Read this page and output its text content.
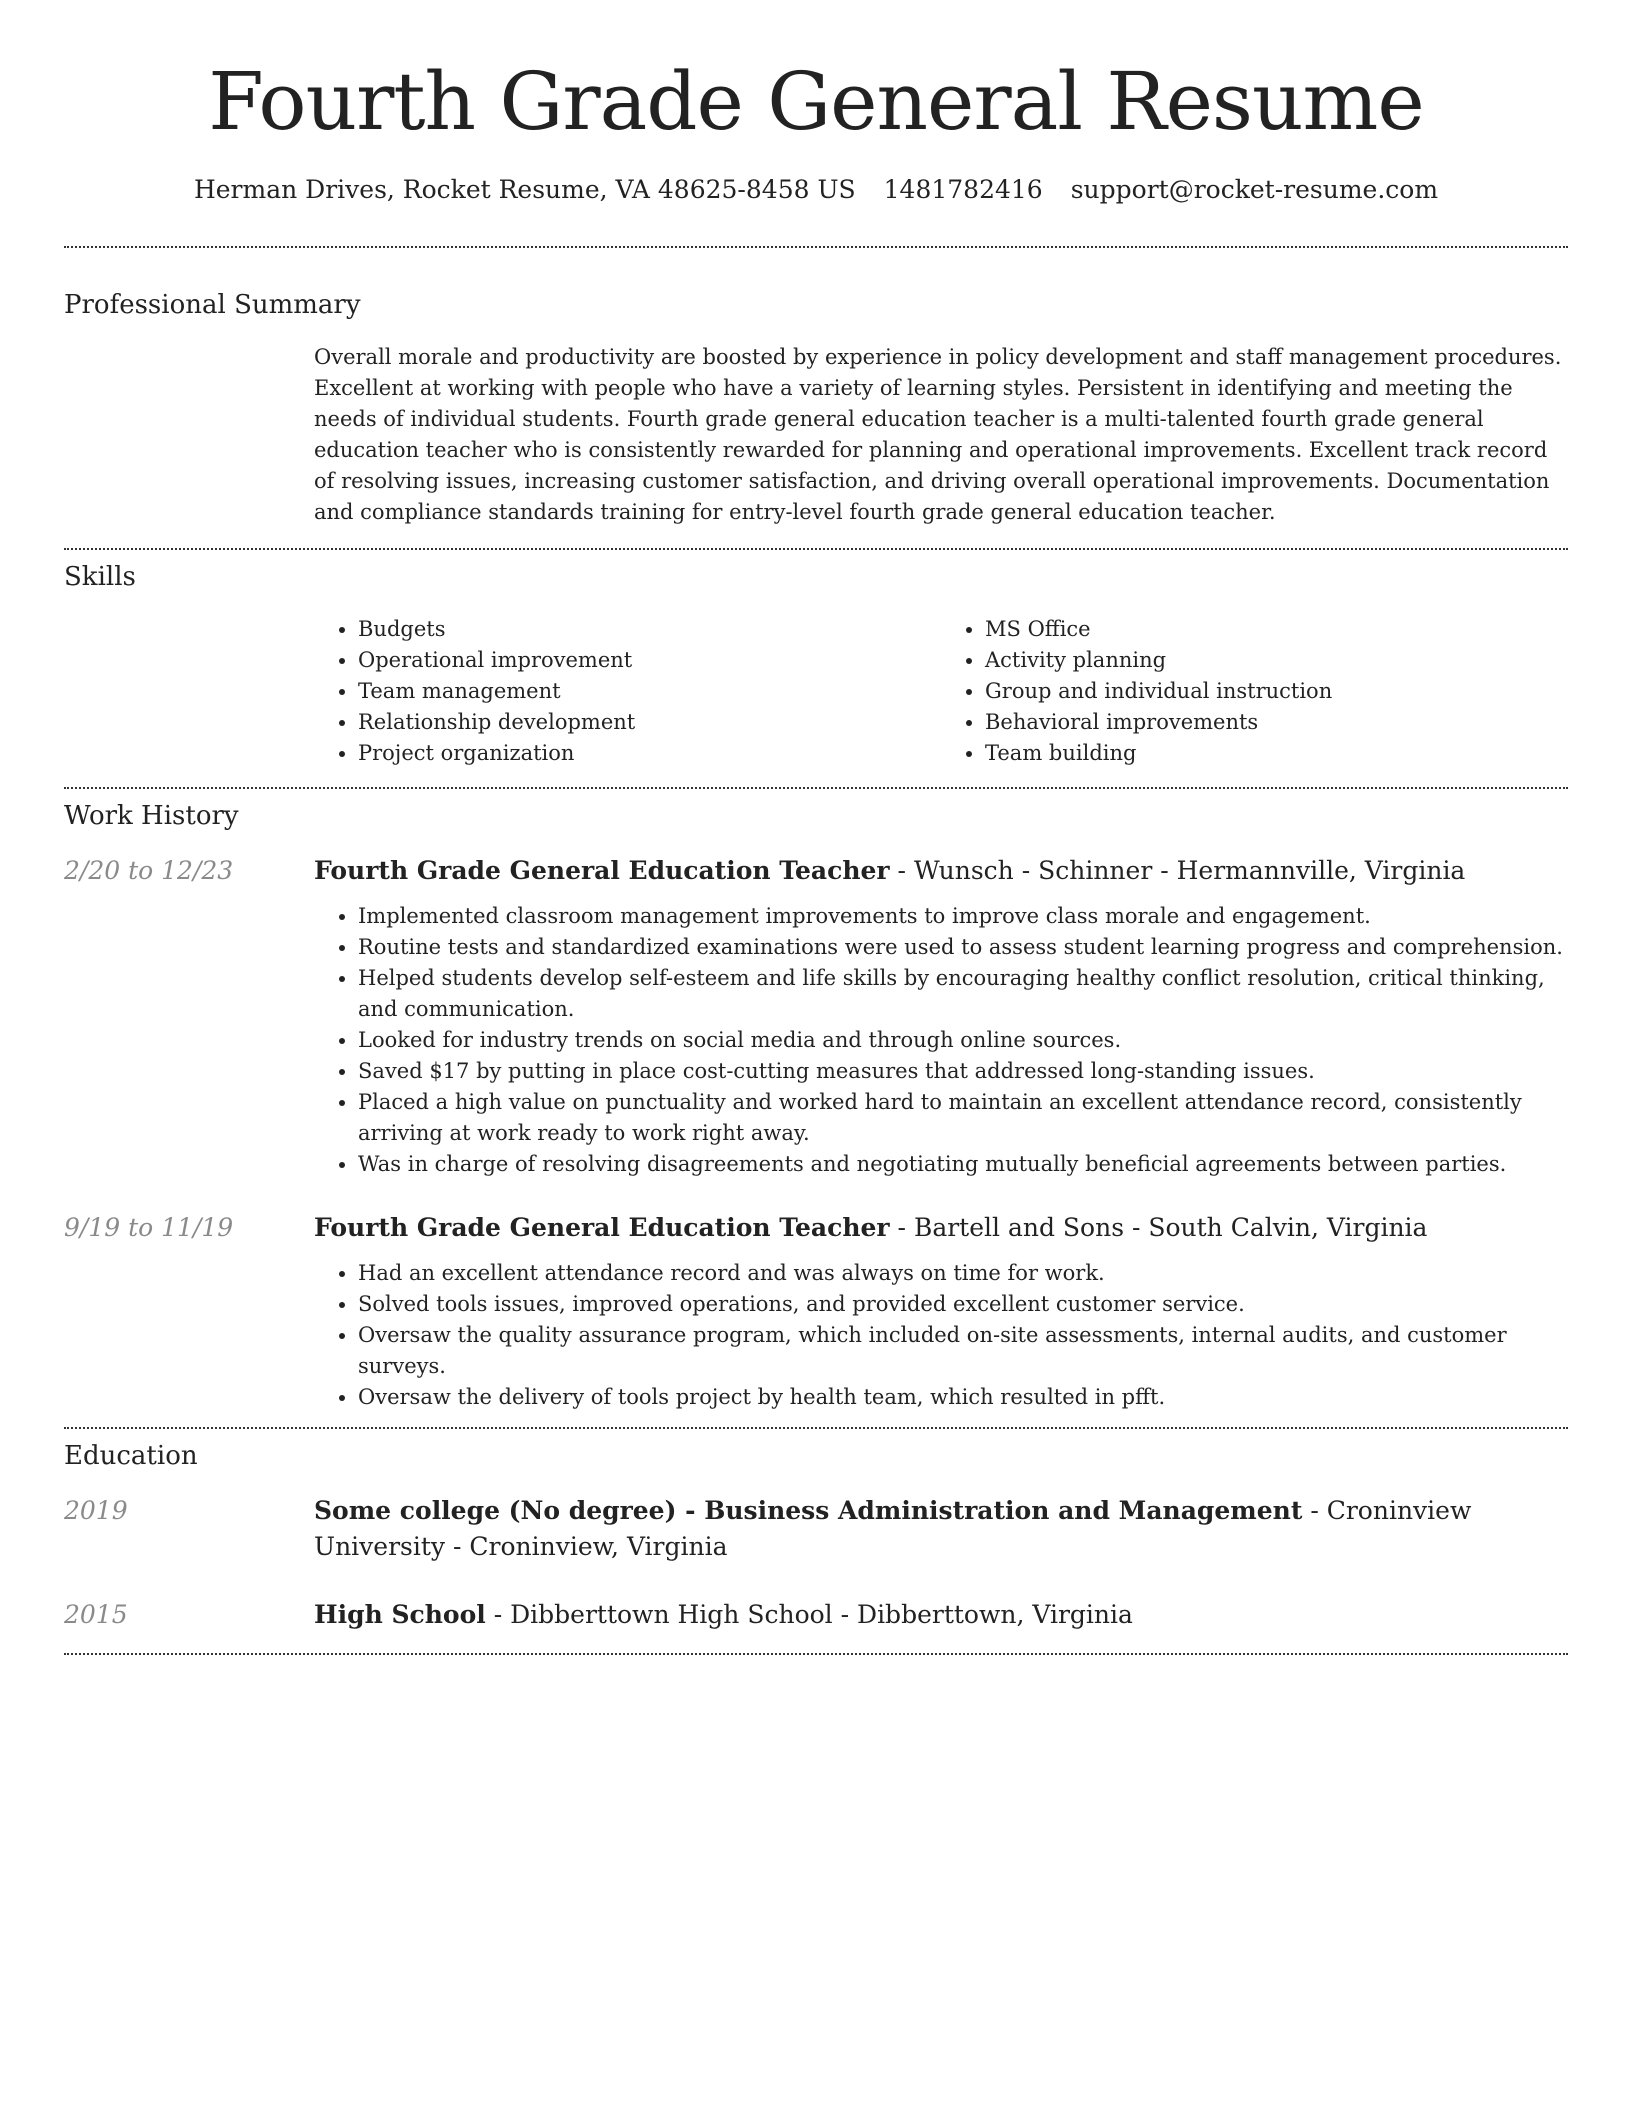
Fourth Grade General Resume
Herman Drives, Rocket Resume, VA 48625-8458 US 1481782416 support@rocket-resume.com
Professional Summary

Overall morale and productivity are boosted by experience in policy development and staff management procedures. Excellent at working with people who have a variety of learning styles. Persistent in identifying and meeting the needs of individual students. Fourth grade general education teacher is a multi-talented fourth grade general education teacher who is consistently rewarded for planning and operational improvements. Excellent track record of resolving issues, increasing customer satisfaction, and driving overall operational improvements. Documentation and compliance standards training for entry-level fourth grade general education teacher.

Skills
• Budgets
• Operational improvement
• Team management
• Relationship development
• Project organization
• MS Office
• Activity planning
• Group and individual instruction
• Behavioral improvements
• Team building
Work History
2/20 to 12/23	Fourth Grade General Education Teacher - Wunsch - Schinner - Hermannville, Virginia

• Implemented classroom management improvements to improve class morale and engagement.
• Routine tests and standardized examinations were used to assess student learning progress and comprehension.
• Helped students develop self-esteem and life skills by encouraging healthy conflict resolution, critical thinking, and communication.
• Looked for industry trends on social media and through online sources.
• Saved $17 by putting in place cost-cutting measures that addressed long-standing issues.
• Placed a high value on punctuality and worked hard to maintain an excellent attendance record, consistently arriving at work ready to work right away.
• Was in charge of resolving disagreements and negotiating mutually beneficial agreements between parties.
9/19 to 11/19	Fourth Grade General Education Teacher - Bartell and Sons - South Calvin, Virginia

• Had an excellent attendance record and was always on time for work.
• Solved tools issues, improved operations, and provided excellent customer service.
• Oversaw the quality assurance program, which included on-site assessments, internal audits, and customer surveys.
• Oversaw the delivery of tools project by health team, which resulted in pfft.
Education
2019	Some college (No degree) - Business Administration and Management - Croninview University - Croninview, Virginia

2015	High School - Dibberttown High School - Dibberttown, Virginia
